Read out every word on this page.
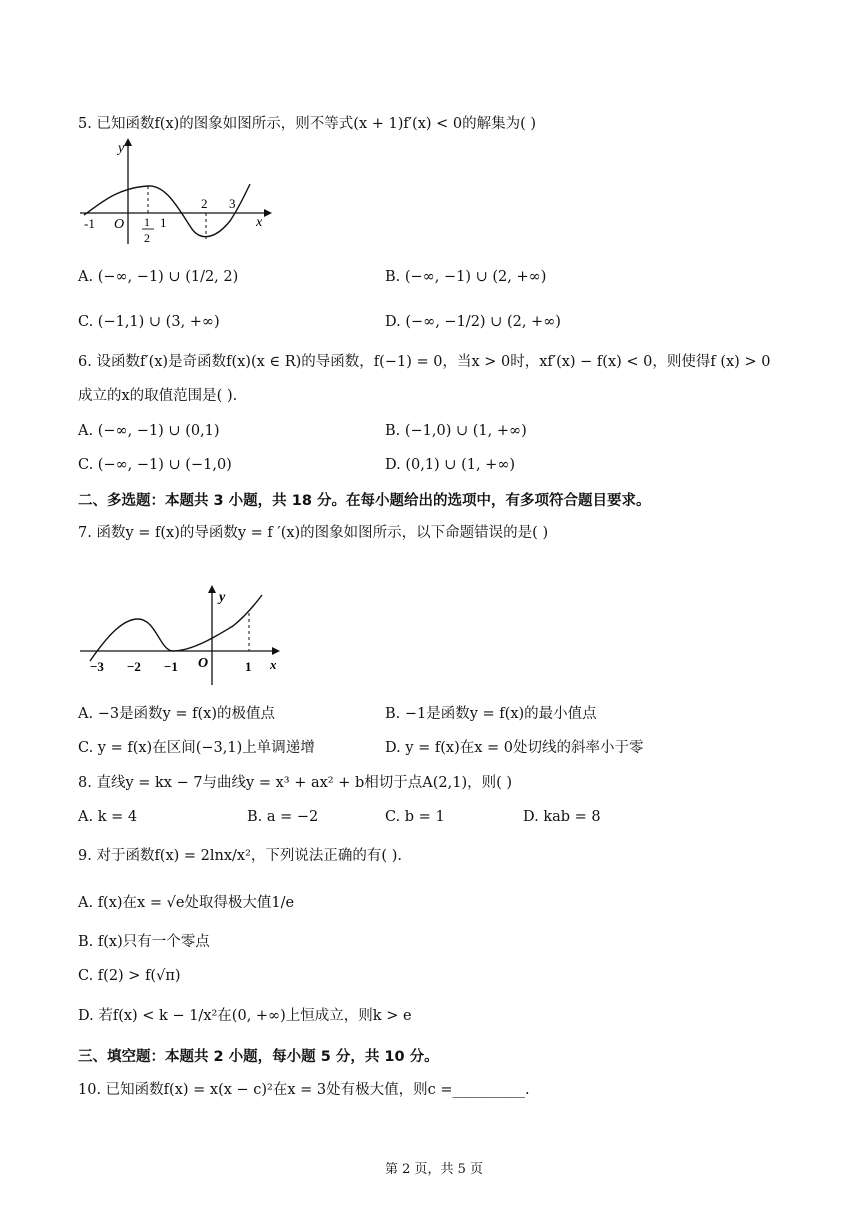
5. 已知函数f(x)的图象如图所示，则不等式(x + 1)f′(x) < 0的解集为( )
y
x
O
-1	1
2
1
2 3
A. (−∞, −1) ∪ (1/2, 2)	B. (−∞, −1) ∪ (2, +∞)
C. (−1,1) ∪ (3, +∞)	D. (−∞, −1/2) ∪ (2, +∞)
6. 设函数f′(x)是奇函数f(x)(x ∈ R)的导函数，f(−1) = 0，当x > 0时，xf′(x) − f(x) < 0，则使得f (x) > 0
成立的x的取值范围是( ).
A. (−∞, −1) ∪ (0,1)	B. (−1,0) ∪ (1, +∞)
C. (−∞, −1) ∪ (−1,0)	D. (0,1) ∪ (1, +∞)
二、多选题：本题共 3 小题，共 18 分。在每小题给出的选项中，有多项符合题目要求。
7. 函数y = f(x)的导函数y = f ′(x)的图象如图所示，以下命题错误的是( )
y
x
O
−3 −2 −1	1
A. −3是函数y = f(x)的极值点	B. −1是函数y = f(x)的最小值点
C. y = f(x)在区间(−3,1)上单调递增	D. y = f(x)在x = 0处切线的斜率小于零
8. 直线y = kx − 7与曲线y = x³ + ax² + b相切于点A(2,1)，则( )
A. k = 4	B. a = −2	C. b = 1	D. kab = 8
9. 对于函数f(x) = 2lnx/x²，下列说法正确的有( ).
A. f(x)在x = √e处取得极大值1/e
B. f(x)只有一个零点
C. f(2) > f(√π)
D. 若f(x) < k − 1/x²在(0, +∞)上恒成立，则k > e
三、填空题：本题共 2 小题，每小题 5 分，共 10 分。
10. 已知函数f(x) = x(x − c)²在x = 3处有极大值，则c =__________.
第 2 页，共 5 页
